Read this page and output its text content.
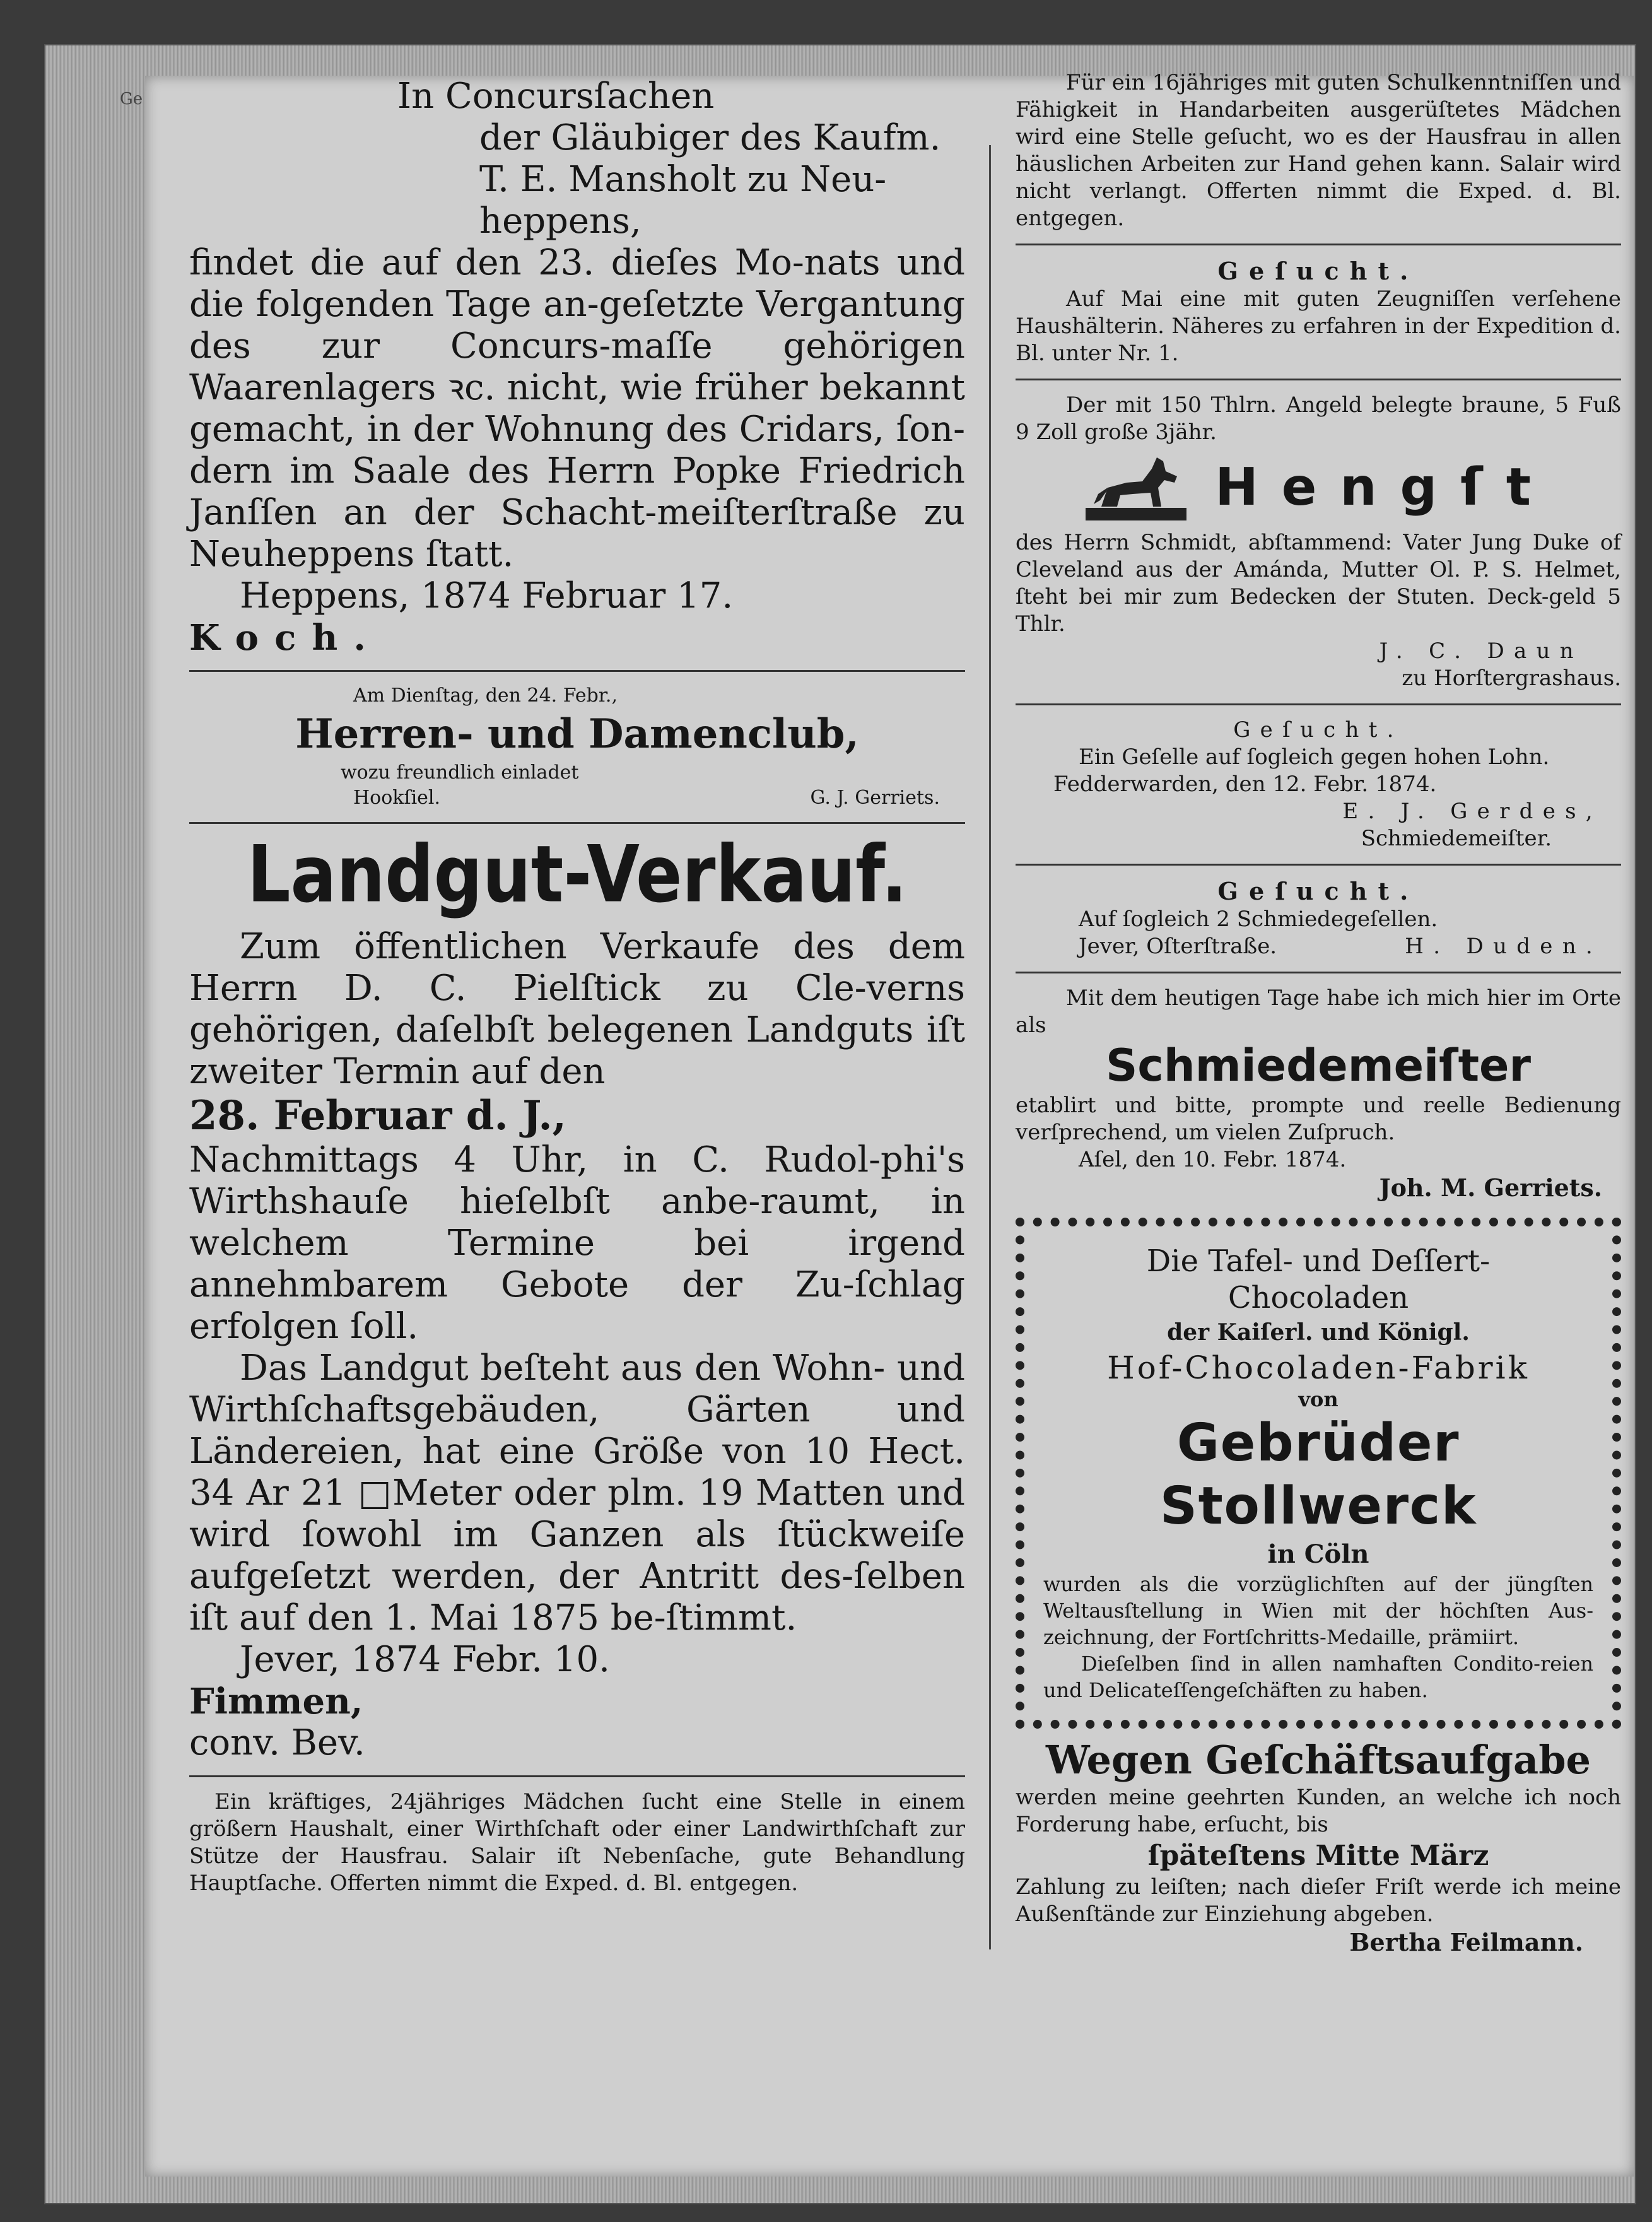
Ge	In Concursſachen

der Gläubiger des Kaufm.

T. E. Mansholt zu Neu-

heppens,

findet die auf den 23. dieſes Mo-nats und die folgenden Tage an-geſetzte Vergantung des zur Concurs-maſſe gehörigen Waarenlagers ꝛc. nicht, wie früher bekannt gemacht, in der Wohnung des Cridars, ſon-dern im Saale des Herrn Popke Friedrich Janſſen an der Schacht-meiſterſtraße zu Neuheppens ſtatt.

Heppens, 1874 Februar 17.

Koch.

Am Dienſtag, den 24. Febr.,

Herren- und Damenclub,

wozu freundlich einladet

Hookſiel.	G. J. Gerriets.

Landgut-Verkauf.

Zum öffentlichen Verkaufe des dem Herrn D. C. Pielſtick zu Cle-verns gehörigen, daſelbſt belegenen Landguts iſt zweiter Termin auf den

28. Februar d. J.,

Nachmittags 4 Uhr, in C. Rudol-phi's Wirthshauſe hieſelbſt anbe-raumt, in welchem Termine bei irgend annehmbarem Gebote der Zu-ſchlag erfolgen ſoll.

Das Landgut beſteht aus den Wohn- und Wirthſchaftsgebäuden, Gärten und Ländereien, hat eine Größe von 10 Hect. 34 Ar 21 □Meter oder plm. 19 Matten und wird ſowohl im Ganzen als ſtückweiſe aufgeſetzt werden, der Antritt des-ſelben iſt auf den 1. Mai 1875 be-ſtimmt.

Jever, 1874 Febr. 10.

Fimmen,

conv. Bev.

Ein kräftiges, 24jähriges Mädchen ſucht eine Stelle in einem größern Haushalt, einer Wirthſchaft oder einer Landwirthſchaft zur Stütze der Hausfrau. Salair iſt Nebenſache, gute Behandlung Hauptſache. Offerten nimmt die Exped. d. Bl. entgegen.

Für ein 16jähriges mit guten Schulkenntniſſen und Fähigkeit in Handarbeiten ausgerüſtetes Mädchen wird eine Stelle geſucht, wo es der Hausfrau in allen häuslichen Arbeiten zur Hand gehen kann. Salair wird nicht verlangt. Offerten nimmt die Exped. d. Bl. entgegen.

Geſucht.

Auf Mai eine mit guten Zeugniſſen verſehene Haushälterin. Näheres zu erfahren in der Expedition d. Bl. unter Nr. 1.

Der mit 150 Thlrn. Angeld belegte braune, 5 Fuß 9 Zoll große 3jähr.

Hengſt

des Herrn Schmidt, abſtammend: Vater Jung Duke of Cleveland aus der Amánda, Mutter Ol. P. S. Helmet, ſteht bei mir zum Bedecken der Stuten. Deck-geld 5 Thlr.

J. C. Daun

zu Horſtergrashaus.

Geſucht.

Ein Geſelle auf ſogleich gegen hohen Lohn.

Fedderwarden, den 12. Febr. 1874.

E. J. Gerdes,

Schmiedemeiſter.

Geſucht.

Auf ſogleich 2 Schmiedegeſellen.

Jever, Oſterſtraße.	H. Duden.

Mit dem heutigen Tage habe ich mich hier im Orte als

Schmiedemeiſter

etablirt und bitte, prompte und reelle Bedienung verſprechend, um vielen Zuſpruch.

Aſel, den 10. Febr. 1874.

Joh. M. Gerriets.

Die Tafel- und Deſſert-

Chocoladen

der Kaiſerl. und Königl.

Hof-Chocoladen-Fabrik

von

Gebrüder Stollwerck

in Cöln

wurden als die vorzüglichſten auf der jüngſten Weltausſtellung in Wien mit der höchſten Aus-zeichnung, der Fortſchritts-Medaille, prämiirt.

Dieſelben ſind in allen namhaften Condito-reien und Delicateſſengeſchäften zu haben.

Wegen Geſchäftsaufgabe

werden meine geehrten Kunden, an welche ich noch Forderung habe, erſucht, bis

ſpäteſtens Mitte März

Zahlung zu leiſten; nach dieſer Friſt werde ich meine Außenſtände zur Einziehung abgeben.

Bertha Feilmann.
